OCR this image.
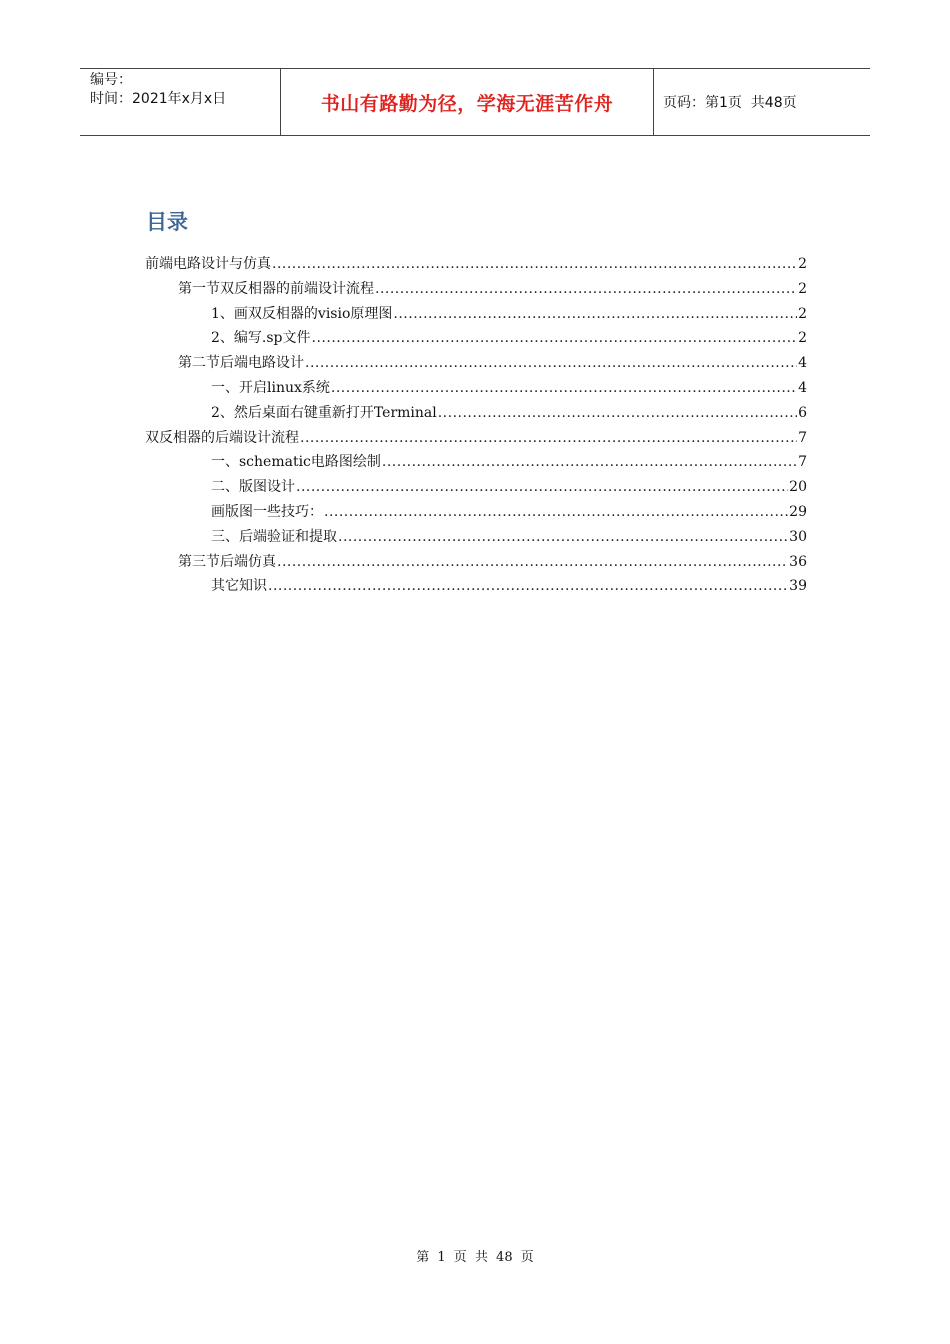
编号：
时间：2021年x月x日	书山有路勤为径，学海无涯苦作舟	页码：第1页  共48页
目录
前端电路设计与仿真 .....	2
第一节双反相器的前端设计流程 .....	2
1、画双反相器的visio原理图 .....	2
2、编写.sp文件 .....	2
第二节后端电路设计 .....	4
一、开启linux系统 .....	4
2、然后桌面右键重新打开Terminal .....	6
双反相器的后端设计流程 .....	7
一、schematic电路图绘制 .....	7
二、版图设计 .....	20
画版图一些技巧： .....	29
三、后端验证和提取 .....	30
第三节后端仿真 .....	36
其它知识 .....	39
第 1 页 共 48 页
